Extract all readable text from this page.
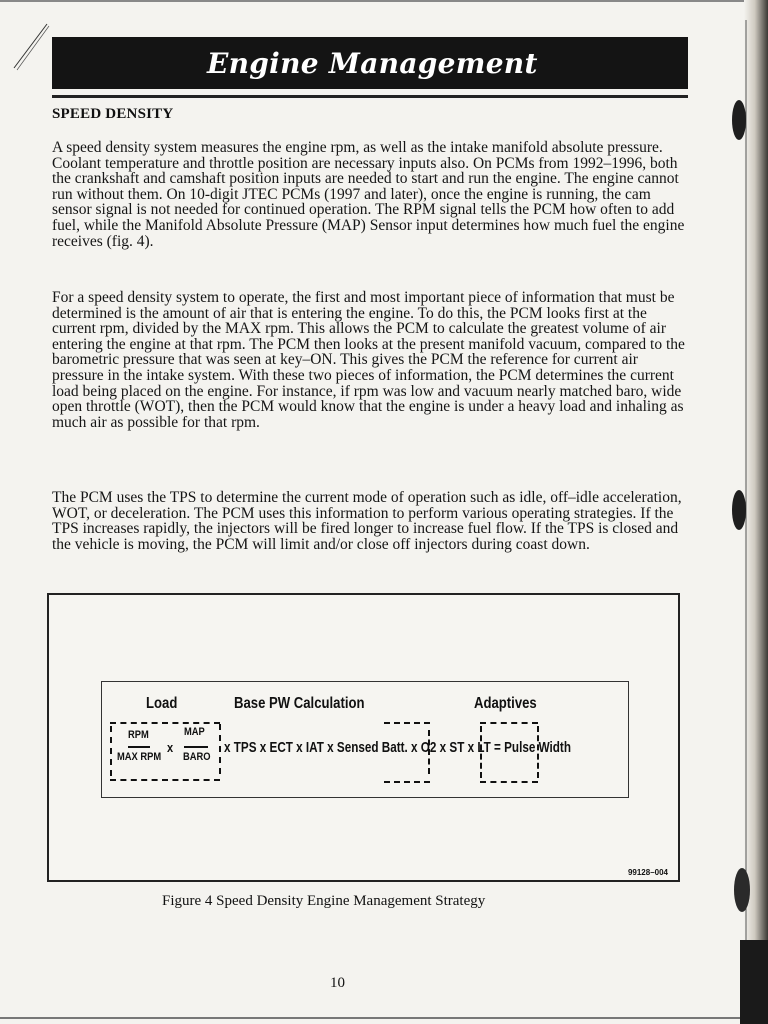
Engine Management
SPEED DENSITY

A speed density system measures the engine rpm, as well as the intake manifold absolute pressure. Coolant temperature and throttle position are necessary inputs also. On PCMs from 1992–1996, both the crankshaft and camshaft position inputs are needed to start and run the engine. The engine cannot run without them. On 10-digit JTEC PCMs (1997 and later), once the engine is running, the cam sensor signal is not needed for continued operation. The RPM signal tells the PCM how often to add fuel, while the Manifold Absolute Pressure (MAP) Sensor input determines how much fuel the engine receives (fig. 4).

For a speed density system to operate, the first and most important piece of information that must be determined is the amount of air that is entering the engine. To do this, the PCM looks first at the current rpm, divided by the MAX rpm. This allows the PCM to calculate the greatest volume of air entering the engine at that rpm. The PCM then looks at the present manifold vacuum, compared to the barometric pressure that was seen at key–ON. This gives the PCM the reference for current air pressure in the intake system. With these two pieces of information, the PCM determines the current load being placed on the engine. For instance, if rpm was low and vacuum nearly matched baro, wide open throttle (WOT), then the PCM would know that the engine is under a heavy load and inhaling as much air as possible for that rpm.

The PCM uses the TPS to determine the current mode of operation such as idle, off–idle acceleration, WOT, or deceleration. The PCM uses this information to perform various operating strategies. If the TPS increases rapidly, the injectors will be fired longer to increase fuel flow. If the TPS is closed and the vehicle is moving, the PCM will limit and/or close off injectors during coast down.

Load	Base PW Calculation	Adaptives
RPM
MAX RPM
x
MAP
BARO
x TPS x ECT x IAT x Sensed Batt. x O2 x ST x LT = Pulse Width
99128–004

Figure 4 Speed Density Engine Management Strategy

10
